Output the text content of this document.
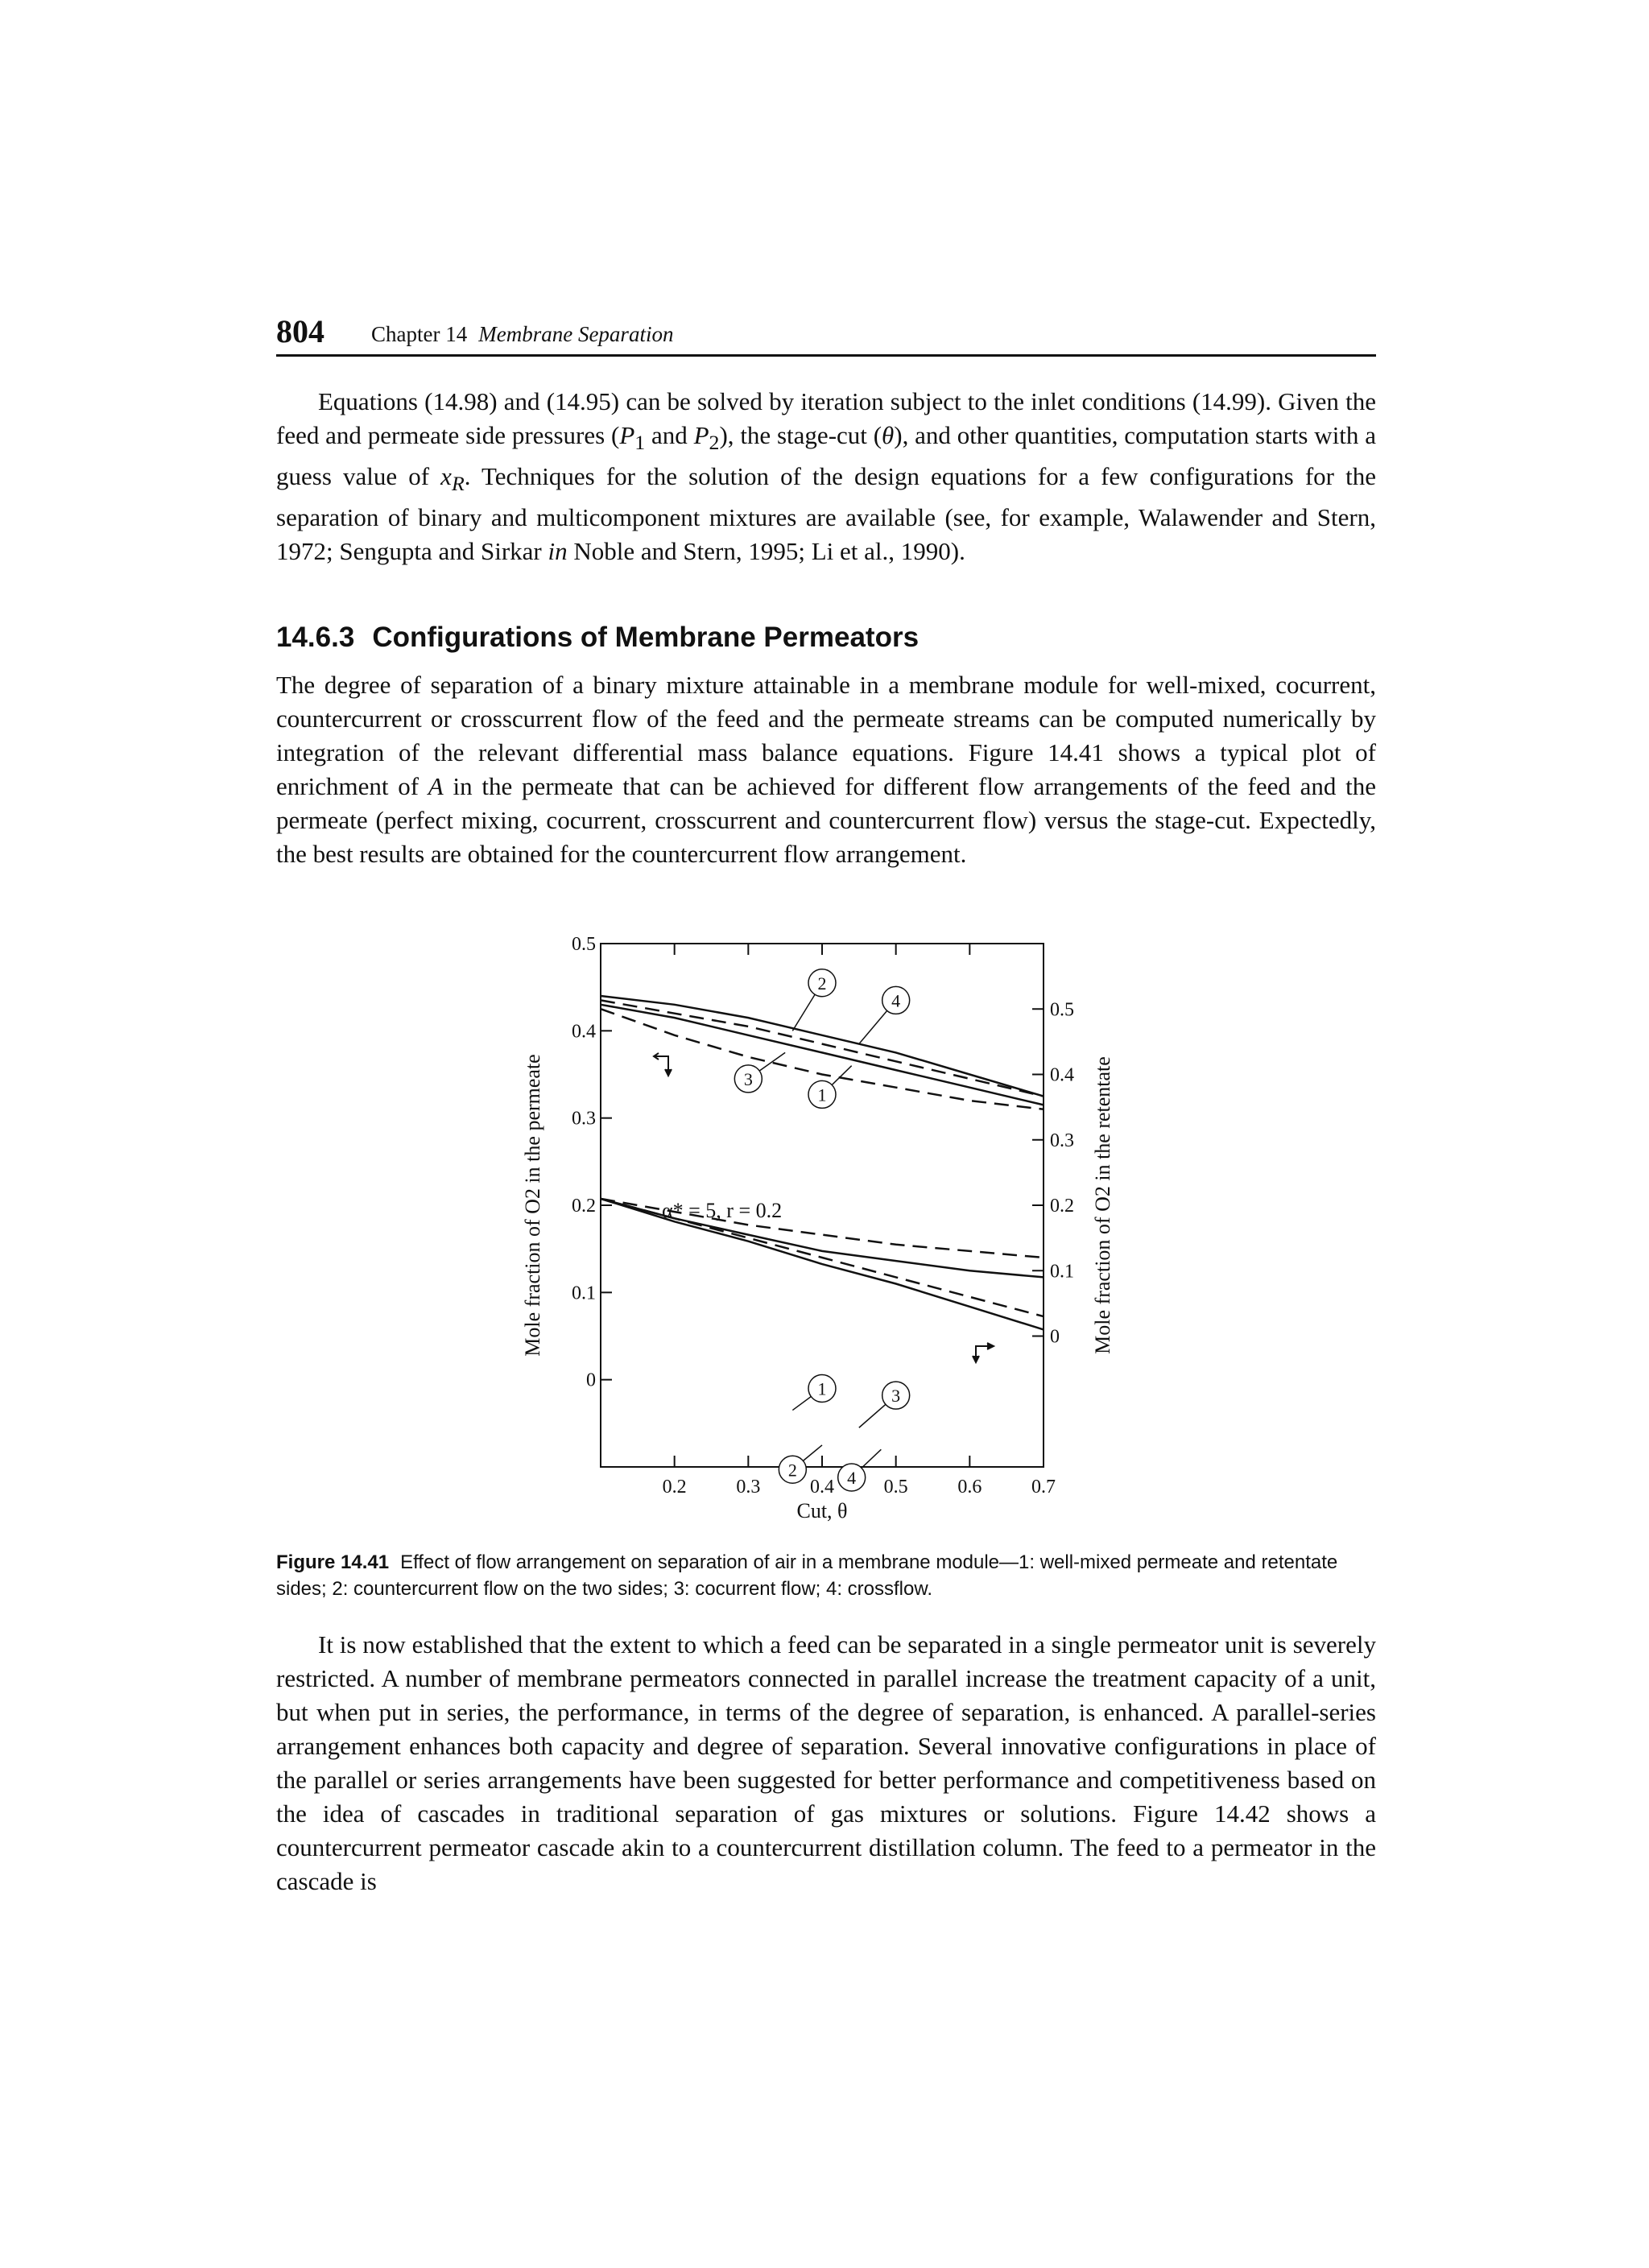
804 Chapter 14 Membrane Separation

Equations (14.98) and (14.95) can be solved by iteration subject to the inlet conditions (14.99). Given the feed and permeate side pressures ($P_1$ and $P_2$), the stage-cut (θ), and other quantities, computation starts with a guess value of $x_R$. Techniques for the solution of the design equations for a few configurations for the separation of binary and multicomponent mixtures are available (see, for example, Walawender and Stern, 1972; Sengupta and Sirkar in Noble and Stern, 1995; Li et al., 1990).

14.6.3 Configurations of Membrane Permeators

The degree of separation of a binary mixture attainable in a membrane module for well-mixed, cocurrent, countercurrent or crosscurrent flow of the feed and the permeate streams can be computed numerically by integration of the relevant differential mass balance equations. Figure 14.41 shows a typical plot of enrichment of A in the permeate that can be achieved for different flow arrangements of the feed and the permeate (perfect mixing, cocurrent, crosscurrent and countercurrent flow) versus the stage-cut. Expectedly, the best results are obtained for the countercurrent flow arrangement.

0.2	0.3	0.4	0.5	0.6	0.7
0
0.1
0.2
0.3
0.4
0.5
0
0.1
0.2
0.3
0.4
0.5
2
4
3
1
1	3
2	4
Cut, θ
Mole fraction of O2 in the permeate	Mole fraction of O2 in the retentate
α* = 5, r = 0.2

Figure 14.41 Effect of flow arrangement on separation of air in a membrane module—1: well-mixed permeate and retentate sides; 2: countercurrent flow on the two sides; 3: cocurrent flow; 4: crossflow.

It is now established that the extent to which a feed can be separated in a single permeator unit is severely restricted. A number of membrane permeators connected in parallel increase the treatment capacity of a unit, but when put in series, the performance, in terms of the degree of separation, is enhanced. A parallel-series arrangement enhances both capacity and degree of separation. Several innovative configurations in place of the parallel or series arrangements have been suggested for better performance and competitiveness based on the idea of cascades in traditional separation of gas mixtures or solutions. Figure 14.42 shows a countercurrent permeator cascade akin to a countercurrent distillation column. The feed to a permeator in the cascade is
